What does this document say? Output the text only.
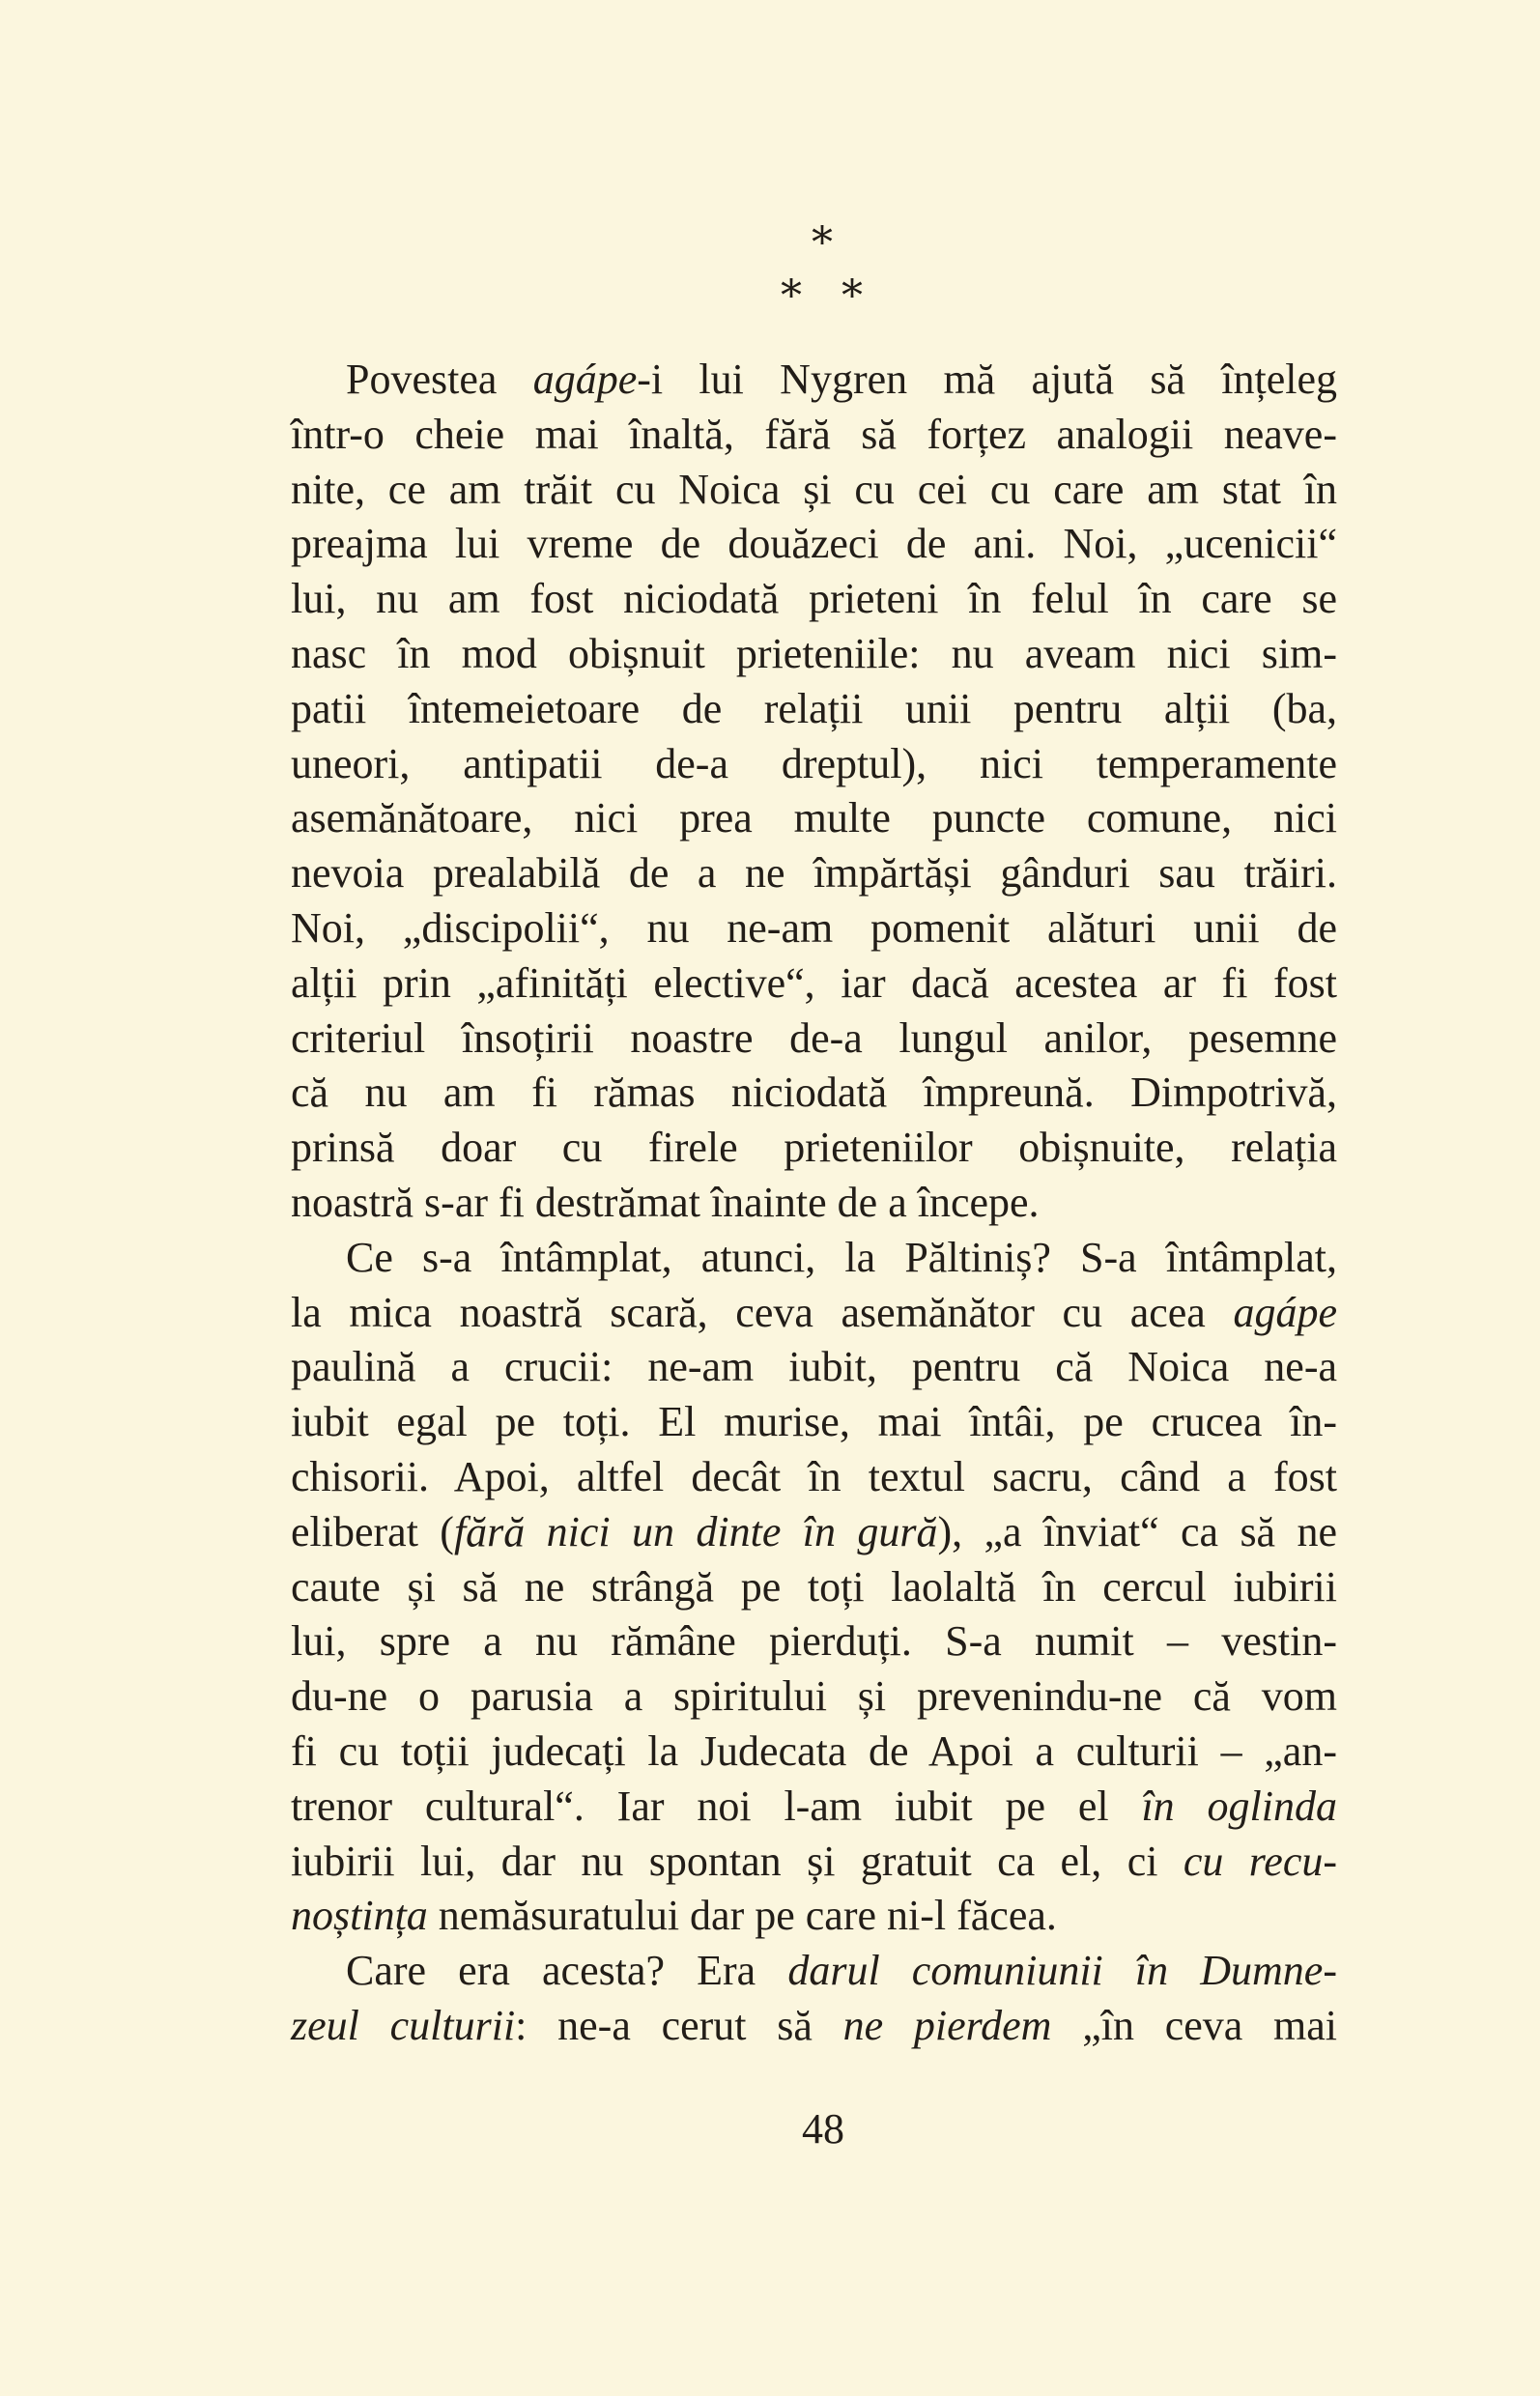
*
* *
Povestea agápe-i lui Nygren mă ajută să înțeleg
într-o cheie mai înaltă, fără să forțez analogii neave-
nite, ce am trăit cu Noica și cu cei cu care am stat în
preajma lui vreme de douăzeci de ani. Noi, „ucenicii“
lui, nu am fost niciodată prieteni în felul în care se
nasc în mod obișnuit prieteniile: nu aveam nici sim-
patii întemeietoare de relații unii pentru alții (ba,
uneori, antipatii de-a dreptul), nici temperamente
asemănătoare, nici prea multe puncte comune, nici
nevoia prealabilă de a ne împărtăși gânduri sau trăiri.
Noi, „discipolii“, nu ne-am pomenit alături unii de
alții prin „afinități elective“, iar dacă acestea ar fi fost
criteriul însoțirii noastre de-a lungul anilor, pesemne
că nu am fi rămas niciodată împreună. Dimpotrivă,
prinsă doar cu firele prieteniilor obișnuite, relația
noastră s-ar fi destrămat înainte de a începe.
Ce s-a întâmplat, atunci, la Păltiniș? S-a întâmplat,
la mica noastră scară, ceva asemănător cu acea agápe
paulină a crucii: ne-am iubit, pentru că Noica ne-a
iubit egal pe toți. El murise, mai întâi, pe crucea în-
chisorii. Apoi, altfel decât în textul sacru, când a fost
eliberat (fără nici un dinte în gură), „a înviat“ ca să ne
caute și să ne strângă pe toți laolaltă în cercul iubirii
lui, spre a nu rămâne pierduți. S-a numit – vestin-
du-ne o parusia a spiritului și prevenindu-ne că vom
fi cu toții judecați la Judecata de Apoi a culturii – „an-
trenor cultural“. Iar noi l-am iubit pe el în oglinda
iubirii lui, dar nu spontan și gratuit ca el, ci cu recu-
noștința nemăsuratului dar pe care ni-l făcea.
Care era acesta? Era darul comuniunii în Dumne-
zeul culturii: ne-a cerut să ne pierdem „în ceva mai
48
